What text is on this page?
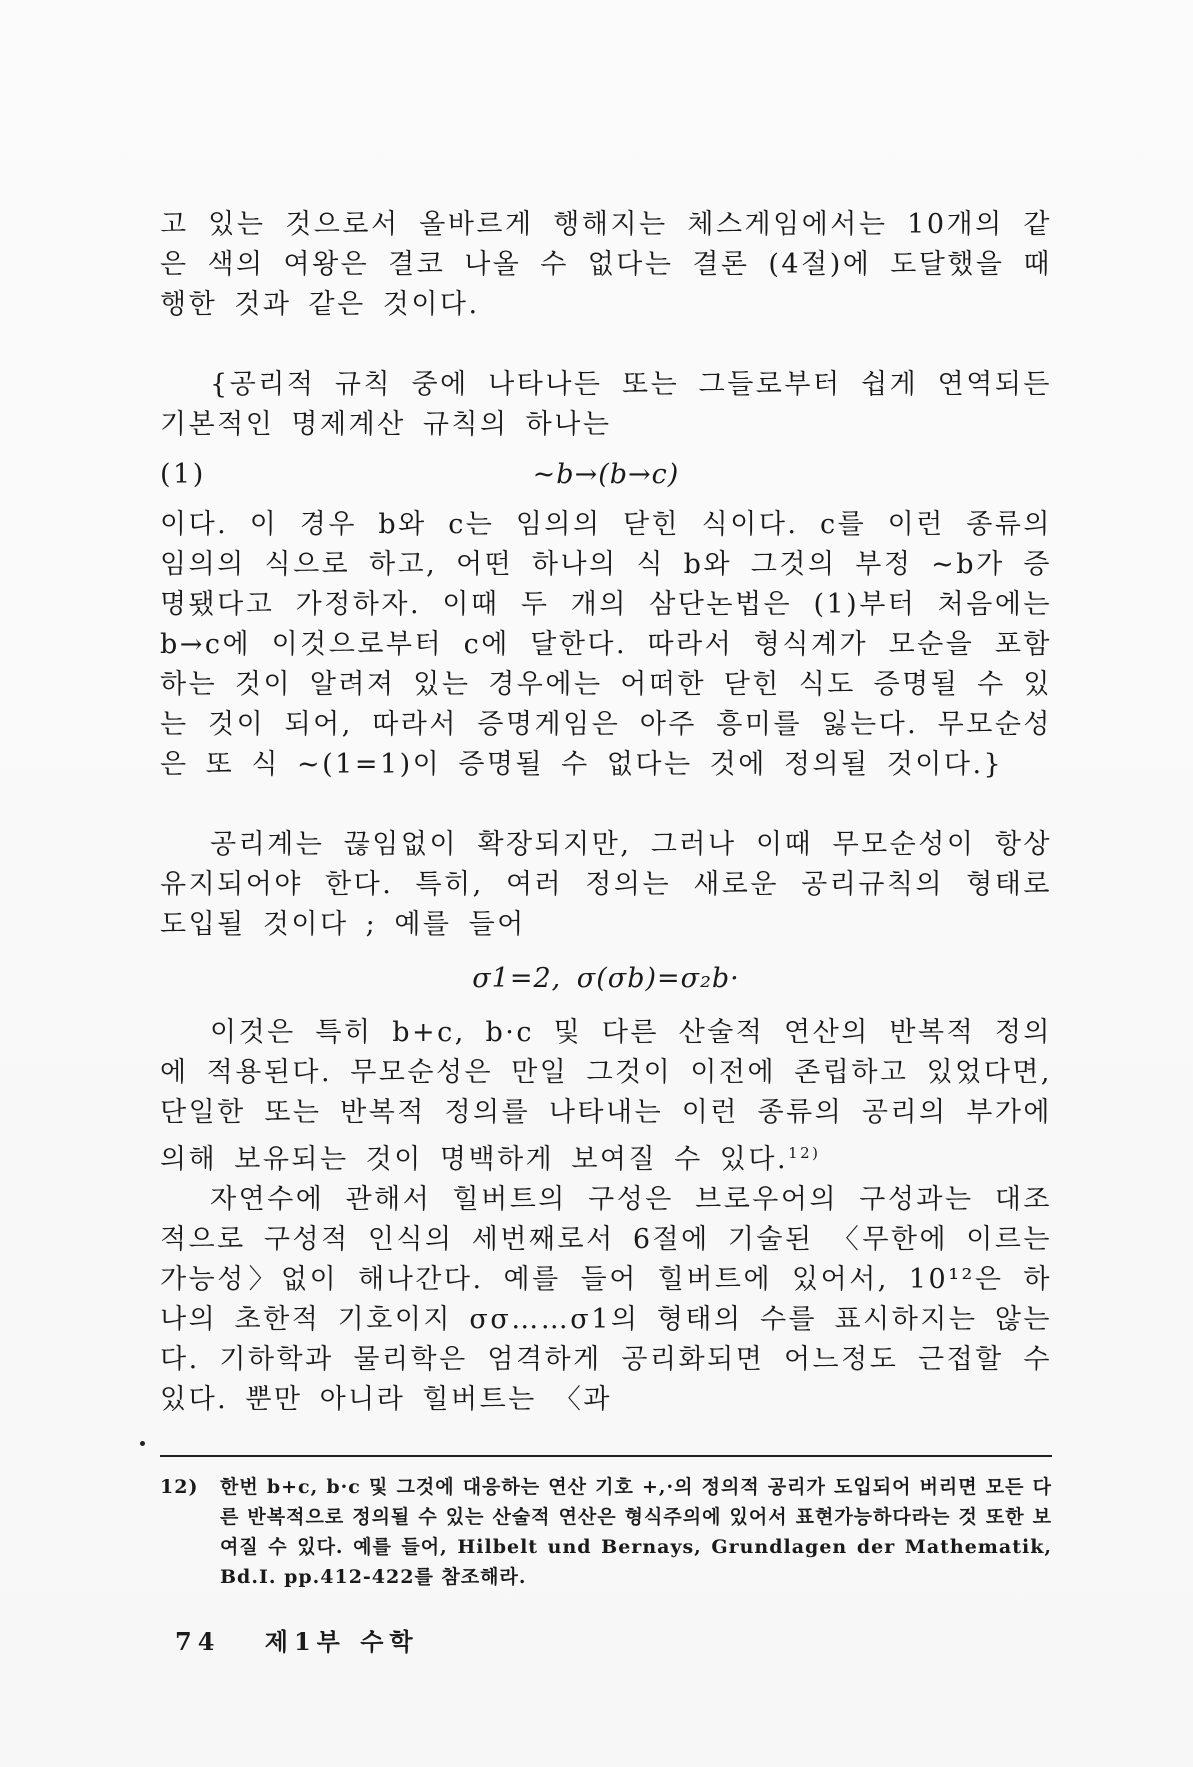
고 있는 것으로서 올바르게 행해지는 체스게임에서는 10개의 같은 색의 여왕은 결코 나올 수 없다는 결론 (4절)에 도달했을 때 행한 것과 같은 것이다.

{공리적 규칙 중에 나타나든 또는 그들로부터 쉽게 연역되든 기본적인 명제계산 규칙의 하나는

(1)	~b→(b→c)

이다. 이 경우 b와 c는 임의의 닫힌 식이다. c를 이런 종류의 임의의 식으로 하고, 어떤 하나의 식 b와 그것의 부정 ~b가 증명됐다고 가정하자. 이때 두 개의 삼단논법은 (1)부터 처음에는 b→c에 이것으로부터 c에 달한다. 따라서 형식계가 모순을 포함하는 것이 알려져 있는 경우에는 어떠한 닫힌 식도 증명될 수 있는 것이 되어, 따라서 증명게임은 아주 흥미를 잃는다. 무모순성은 또 식 ~(1=1)이 증명될 수 없다는 것에 정의될 것이다.}

공리계는 끊임없이 확장되지만, 그러나 이때 무모순성이 항상 유지되어야 한다. 특히, 여러 정의는 새로운 공리규칙의 형태로 도입될 것이다 ; 예를 들어

σ1=2, σ(σb)=σ₂b·

이것은 특히 b+c, b·c 및 다른 산술적 연산의 반복적 정의에 적용된다. 무모순성은 만일 그것이 이전에 존립하고 있었다면, 단일한 또는 반복적 정의를 나타내는 이런 종류의 공리의 부가에 의해 보유되는 것이 명백하게 보여질 수 있다.$^{12)}$

자연수에 관해서 힐버트의 구성은 브로우어의 구성과는 대조적으로 구성적 인식의 세번째로서 6절에 기술된 〈무한에 이르는 가능성〉없이 해나간다. 예를 들어 힐버트에 있어서, 10¹²은 하나의 초한적 기호이지 σσ……σ1의 형태의 수를 표시하지는 않는다. 기하학과 물리학은 엄격하게 공리화되면 어느정도 근접할 수 있다. 뿐만 아니라 힐버트는 〈과

12) 한번 b+c, b·c 및 그것에 대응하는 연산 기호 +,·의 정의적 공리가 도입되어 버리면 모든 다른 반복적으로 정의될 수 있는 산술적 연산은 형식주의에 있어서 표현가능하다라는 것 또한 보여질 수 있다. 예를 들어, Hilbelt und Bernays, Grundlagen der Mathematik, Bd.I. pp.412-422를 참조해라.
74 제1부 수학
